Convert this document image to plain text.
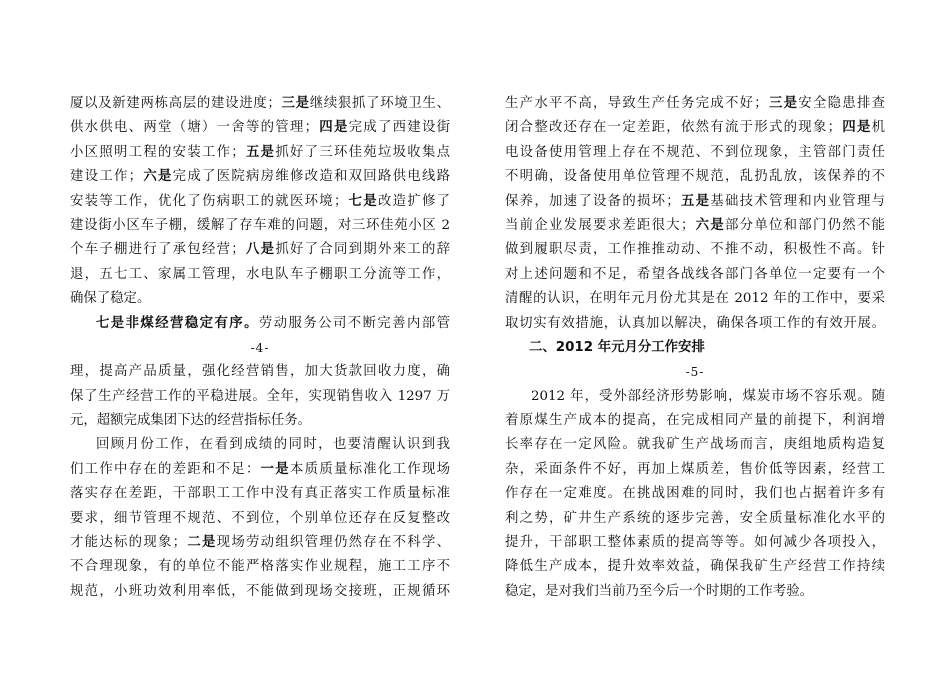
厦以及新建两栋高层的建设进度；三是继续狠抓了环境卫生、
供水供电、两堂（塘）一舍等的管理；四是完成了西建设街
小区照明工程的安装工作；五是抓好了三环佳苑垃圾收集点
建设工作；六是完成了医院病房维修改造和双回路供电线路
安装等工作，优化了伤病职工的就医环境；七是改造扩修了
建设街小区车子棚，缓解了存车难的问题，对三环佳苑小区 2
个车子棚进行了承包经营；八是抓好了合同到期外来工的辞
退，五七工、家属工管理，水电队车子棚职工分流等工作，
确保了稳定。
七是非煤经营稳定有序。劳动服务公司不断完善内部管
-4-
理，提高产品质量，强化经营销售，加大货款回收力度，确
保了生产经营工作的平稳进展。全年，实现销售收入 1297 万
元，超额完成集团下达的经营指标任务。
回顾月份工作，在看到成绩的同时，也要清醒认识到我
们工作中存在的差距和不足：一是本质质量标准化工作现场
落实存在差距，干部职工工作中没有真正落实工作质量标准
要求，细节管理不规范、不到位，个别单位还存在反复整改
才能达标的现象；二是现场劳动组织管理仍然存在不科学、
不合理现象，有的单位不能严格落实作业规程，施工工序不
规范，小班功效利用率低，不能做到现场交接班，正规循环
生产水平不高，导致生产任务完成不好；三是安全隐患排查
闭合整改还存在一定差距，依然有流于形式的现象；四是机
电设备使用管理上存在不规范、不到位现象，主管部门责任
不明确，设备使用单位管理不规范，乱扔乱放，该保养的不
保养，加速了设备的损坏；五是基础技术管理和内业管理与
当前企业发展要求差距很大；六是部分单位和部门仍然不能
做到履职尽责，工作推推动动、不推不动，积极性不高。针
对上述问题和不足，希望各战线各部门各单位一定要有一个
清醒的认识，在明年元月份尤其是在 2012 年的工作中，要采
取切实有效措施，认真加以解决，确保各项工作的有效开展。
二、2012 年元月分工作安排
-5-
2012 年，受外部经济形势影响，煤炭市场不容乐观。随
着原煤生产成本的提高，在完成相同产量的前提下，利润增
长率存在一定风险。就我矿生产战场而言，庚组地质构造复
杂，采面条件不好，再加上煤质差，售价低等因素，经营工
作存在一定难度。在挑战困难的同时，我们也占据着许多有
利之势，矿井生产系统的逐步完善，安全质量标准化水平的
提升，干部职工整体素质的提高等等。如何减少各项投入，
降低生产成本，提升效率效益，确保我矿生产经营工作持续
稳定，是对我们当前乃至今后一个时期的工作考验。
